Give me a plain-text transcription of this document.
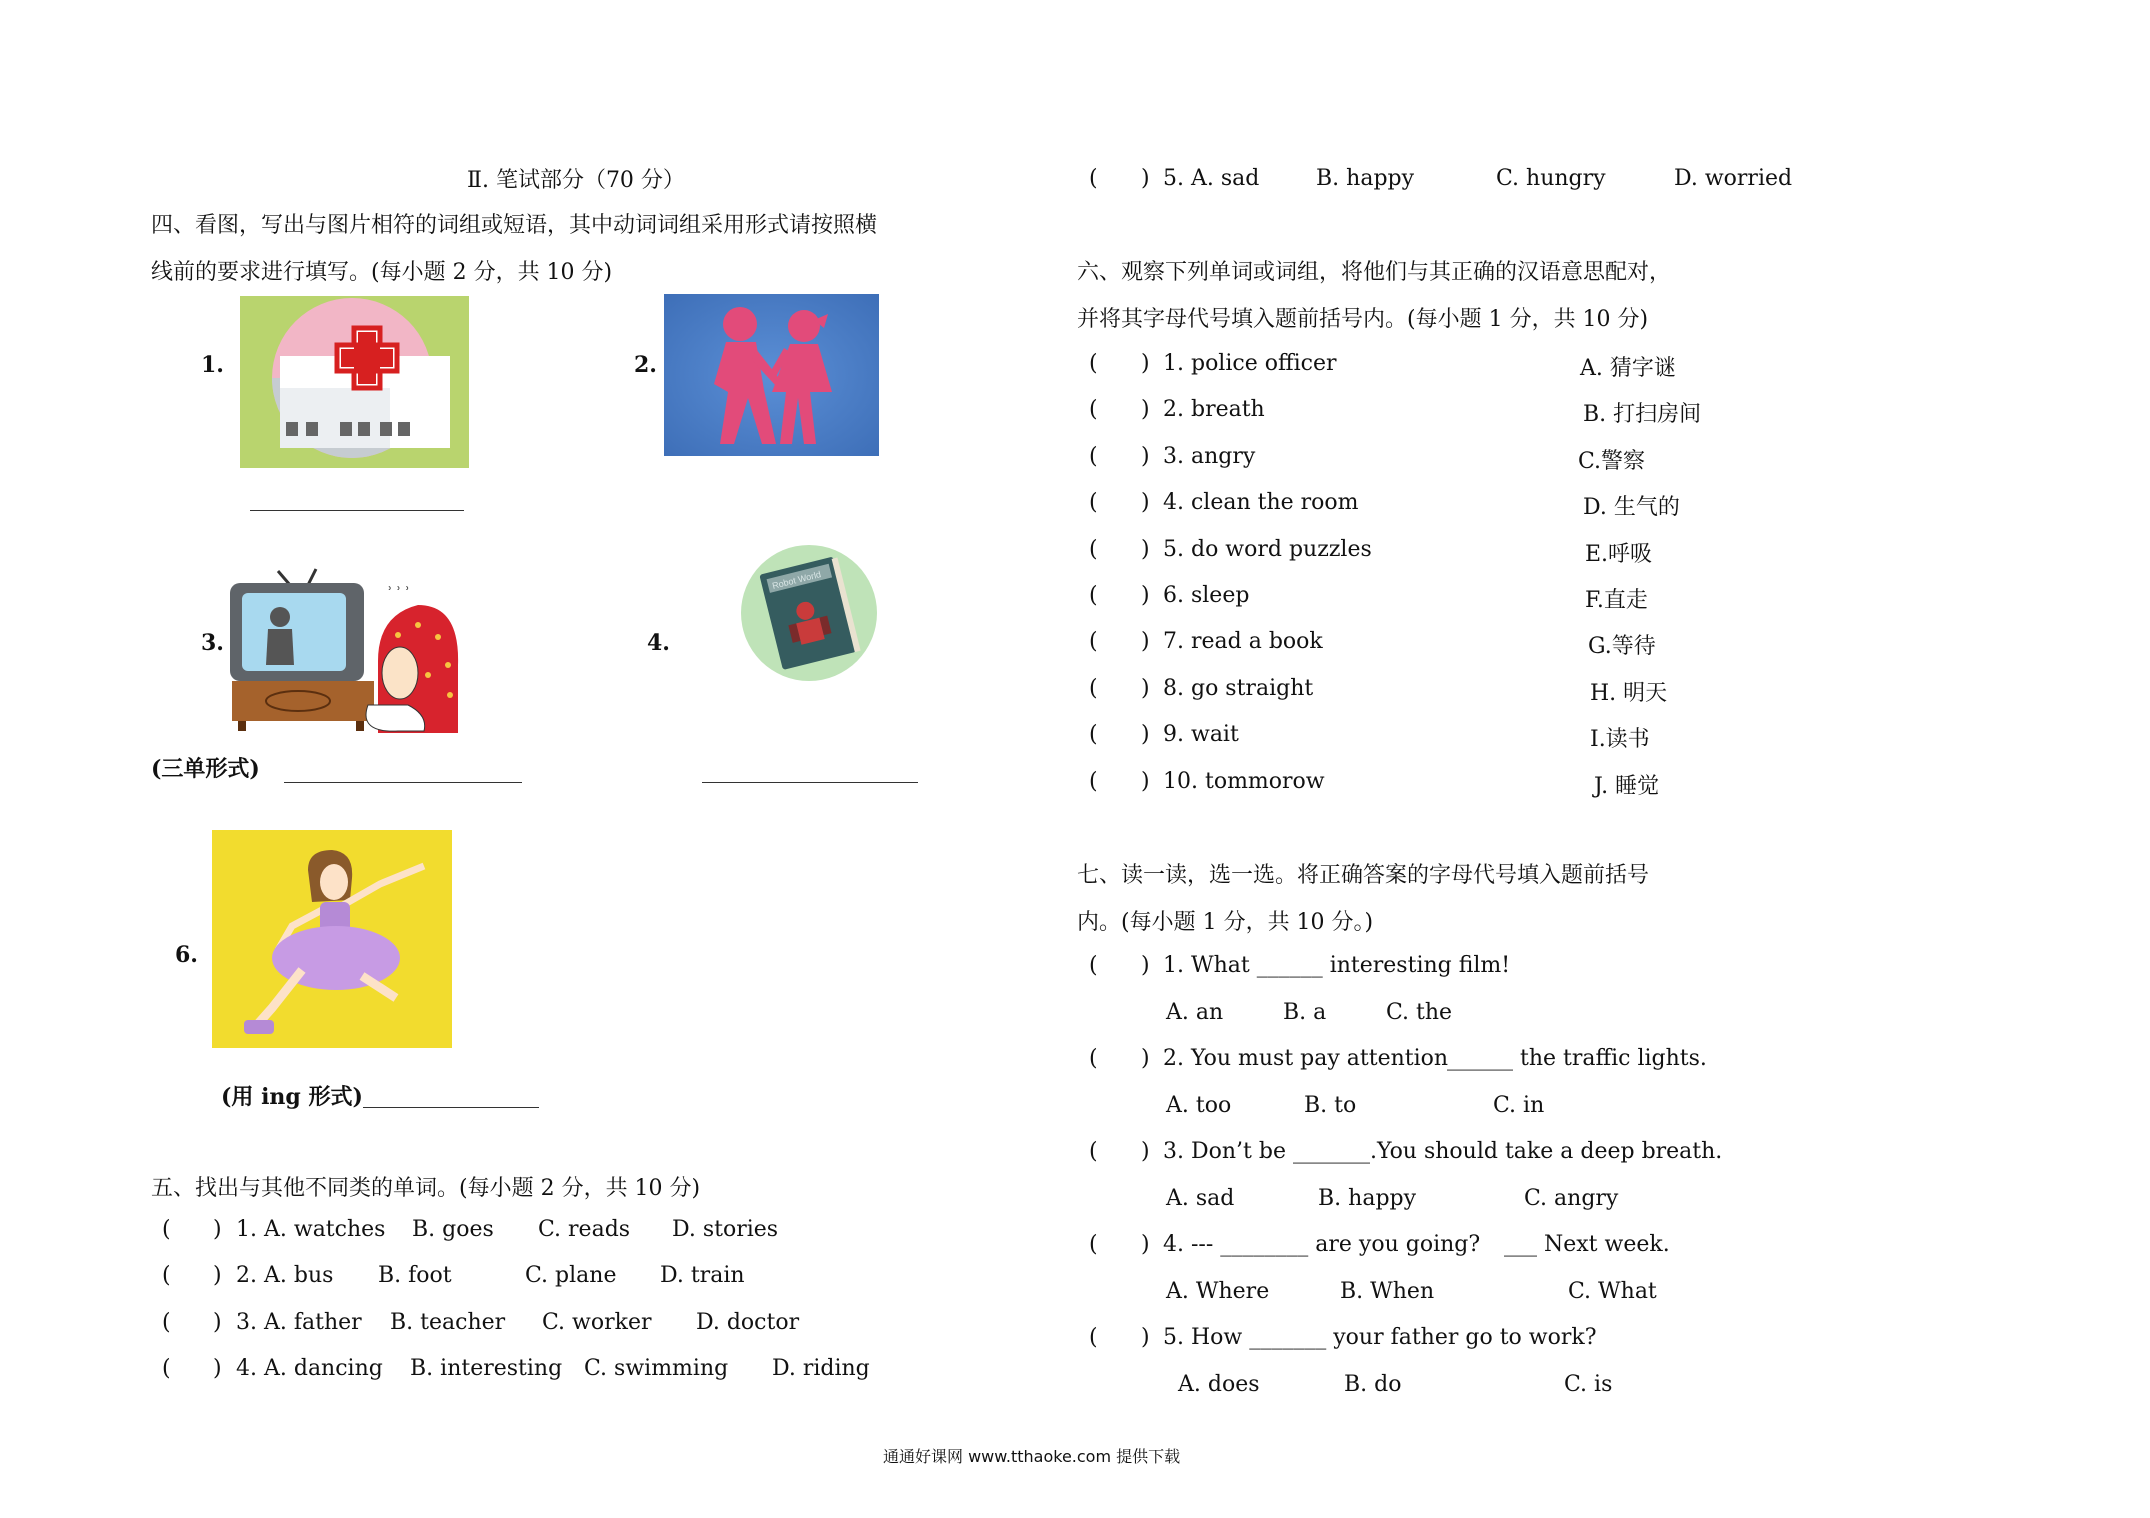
Ⅱ. 笔试部分（70 分）
四、看图，写出与图片相符的词组或短语，其中动词词组采用形式请按照横
线前的要求进行填写。(每小题 2 分，共 10 分)
1.	2.
3.
ʾ ʾ ʾ
(三单形式)
4.
Robot World
6.
(用 ing 形式)
五、找出与其他不同类的单词。(每小题 2 分，共 10 分)
( ) 1. A. watches B. goes C. reads D. stories
( ) 2. A. bus B. foot	C. plane D. train
( ) 3. A. father B. teacher C. worker D. doctor
( ) 4. A. dancing B. interesting C. swimming D. riding
( ) 5. A. sad	B. happy	C. hungry	D. worried
六、观察下列单词或词组，将他们与其正确的汉语意思配对，
并将其字母代号填入题前括号内。(每小题 1 分，共 10 分)
( ) 1. police officer	A. 猜字谜
( ) 2. breath	B. 打扫房间
( ) 3. angry	C.警察
( ) 4. clean the room	D. 生气的
( ) 5. do word puzzles	E.呼吸
( ) 6. sleep	F.直走
( ) 7. read a book	G.等待
( ) 8. go straight	H. 明天
( ) 9. wait	I.读书
( ) 10. tommorow	J. 睡觉
七、读一读，选一选。将正确答案的字母代号填入题前括号
内。(每小题 1 分，共 10 分。)
( ) 1. What ______ interesting film!
A. an	B. a	C. the
( ) 2. You must pay attention
______ the traffic lights.
A. too	B. to	C. in
( ) 3. Don’t be _______.You should take a deep breath.
A. sad	B. happy	C. angry
( ) 4. --- ________ are you going? ___ Next week.
A. Where	B. When	C. What
( ) 5. How _______ your father go to work?
A. does	B. do	C. is
通通好课网 www.tthaoke.com 提供下载
